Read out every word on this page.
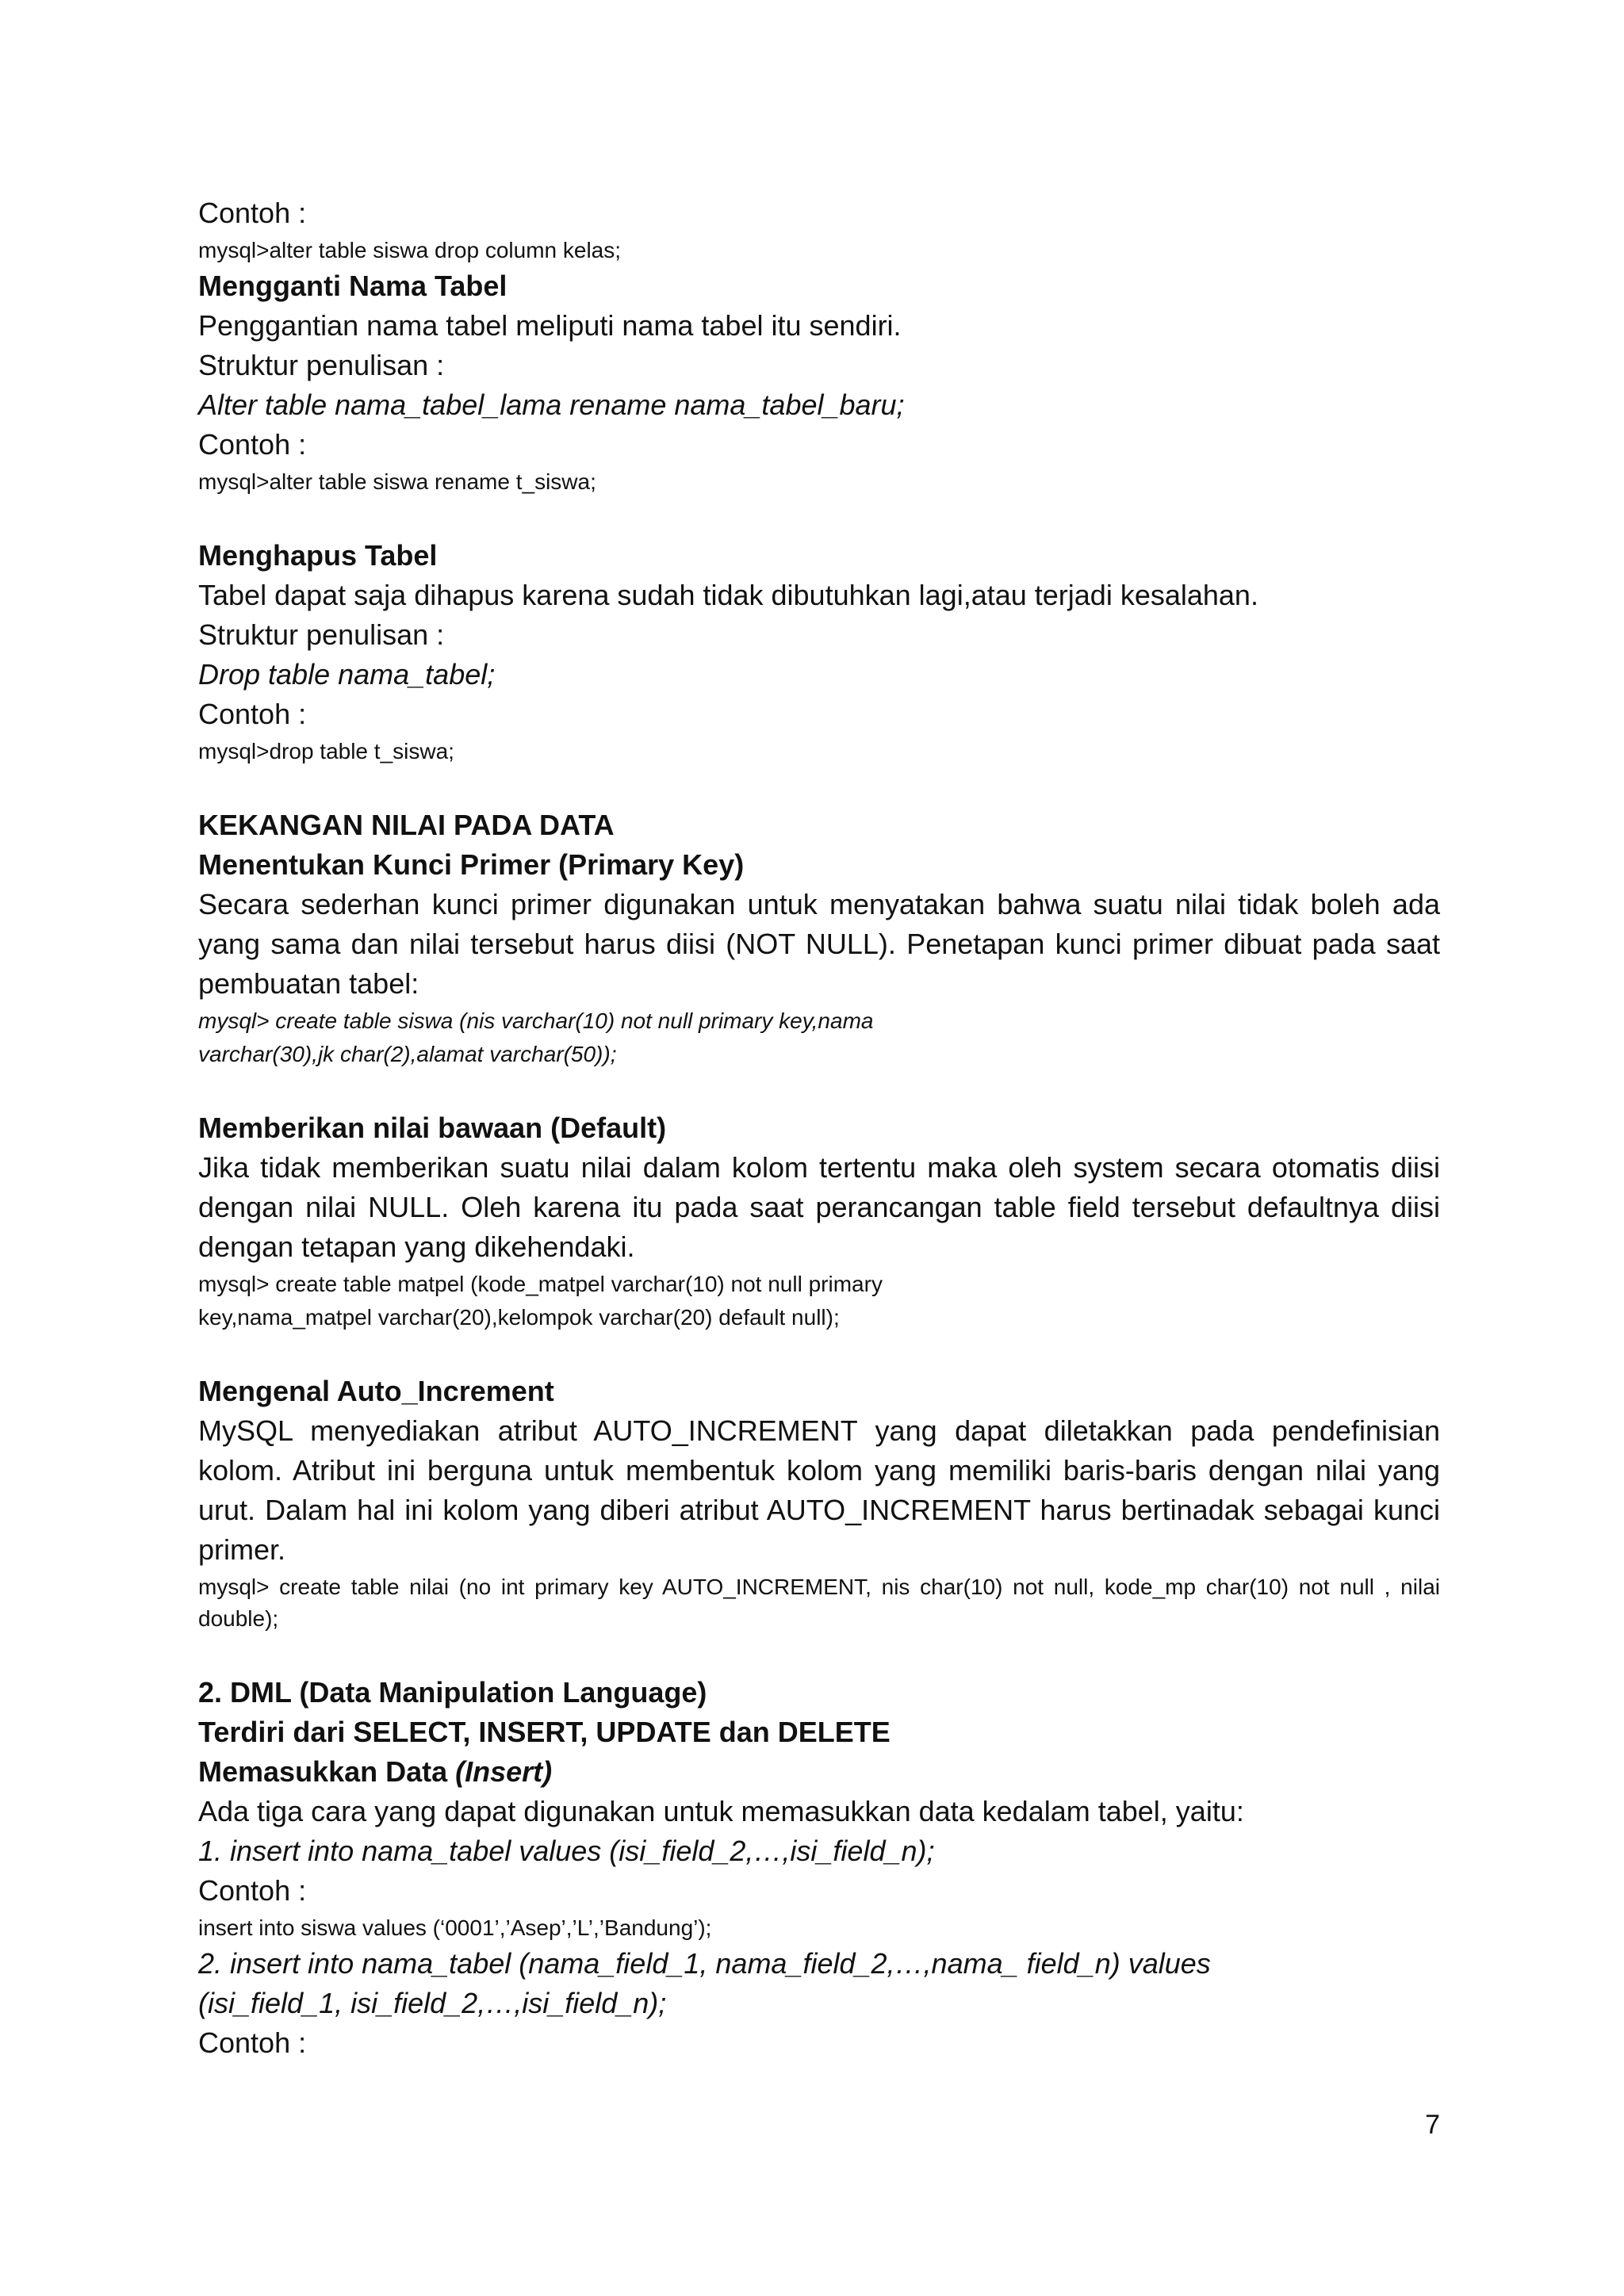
Contoh :

mysql>alter table siswa drop column kelas;

Mengganti Nama Tabel

Penggantian nama tabel meliputi nama tabel itu sendiri.

Struktur penulisan :

Alter table nama_tabel_lama rename nama_tabel_baru;

Contoh :

mysql>alter table siswa rename t_siswa;

Menghapus Tabel

Tabel dapat saja dihapus karena sudah tidak dibutuhkan lagi,atau terjadi kesalahan.

Struktur penulisan :

Drop table nama_tabel;

Contoh :

mysql>drop table t_siswa;

KEKANGAN NILAI PADA DATA

Menentukan Kunci Primer (Primary Key)

Secara sederhan kunci primer digunakan untuk menyatakan bahwa suatu nilai tidak boleh ada yang sama dan nilai tersebut harus diisi (NOT NULL). Penetapan kunci primer dibuat pada saat pembuatan tabel:

mysql> create table siswa (nis varchar(10) not null primary key,nama

varchar(30),jk char(2),alamat varchar(50));

Memberikan nilai bawaan (Default)

Jika tidak memberikan suatu nilai dalam kolom tertentu maka oleh system secara otomatis diisi dengan nilai NULL. Oleh karena itu pada saat perancangan table field tersebut defaultnya diisi dengan tetapan yang dikehendaki.

mysql> create table matpel (kode_matpel varchar(10) not null primary

key,nama_matpel varchar(20),kelompok varchar(20) default null);

Mengenal Auto_Increment

MySQL menyediakan atribut AUTO_INCREMENT yang dapat diletakkan pada pendefinisian kolom. Atribut ini berguna untuk membentuk kolom yang memiliki baris-baris dengan nilai yang urut. Dalam hal ini kolom yang diberi atribut AUTO_INCREMENT harus bertinadak sebagai kunci primer.

mysql> create table nilai (no int primary key AUTO_INCREMENT, nis char(10) not null, kode_mp char(10) not null , nilai double);

2. DML (Data Manipulation Language)

Terdiri dari SELECT, INSERT, UPDATE dan DELETE

Memasukkan Data (Insert)

Ada tiga cara yang dapat digunakan untuk memasukkan data kedalam tabel, yaitu:

1. insert into nama_tabel values (isi_field_2,…,isi_field_n);

Contoh :

insert into siswa values (‘0001’,’Asep’,’L’,’Bandung’);

2. insert into nama_tabel (nama_field_1, nama_field_2,…,nama_ field_n) values

(isi_field_1, isi_field_2,…,isi_field_n);

Contoh :

7
